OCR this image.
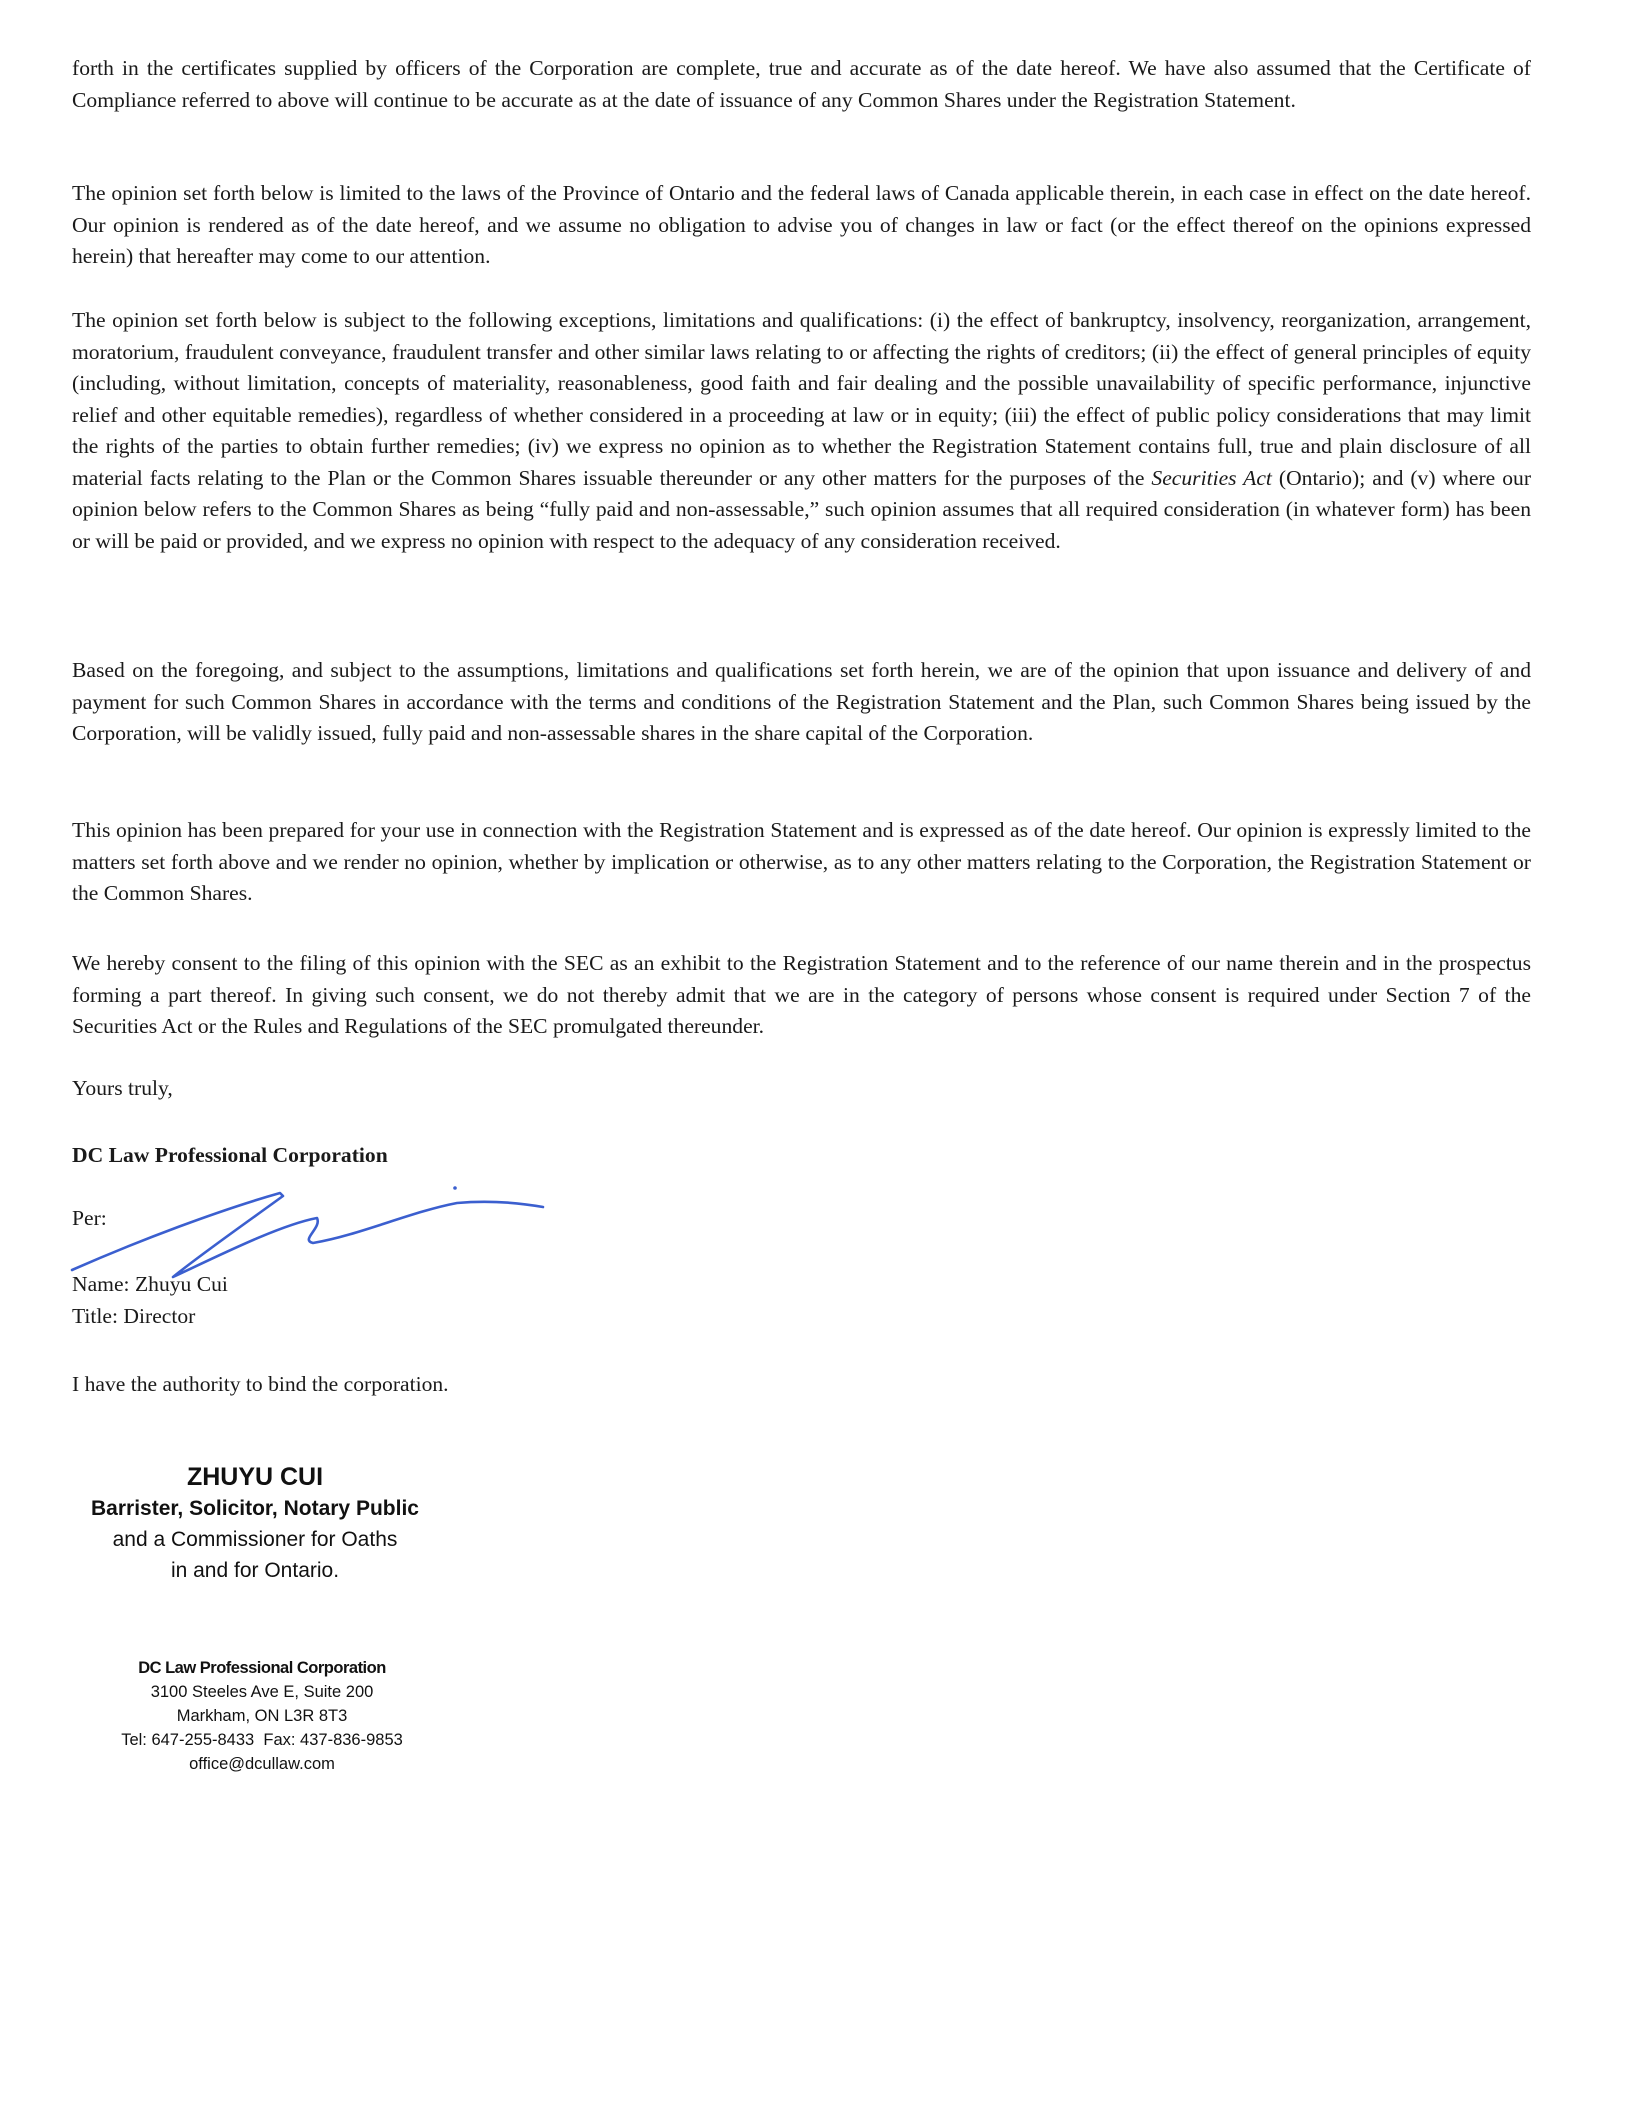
forth in the certificates supplied by officers of the Corporation are complete, true and accurate as of the date hereof. We have also assumed that the Certificate of Compliance referred to above will continue to be accurate as at the date of issuance of any Common Shares under the Registration Statement.

The opinion set forth below is limited to the laws of the Province of Ontario and the federal laws of Canada applicable therein, in each case in effect on the date hereof. Our opinion is rendered as of the date hereof, and we assume no obligation to advise you of changes in law or fact (or the effect thereof on the opinions expressed herein) that hereafter may come to our attention.

The opinion set forth below is subject to the following exceptions, limitations and qualifications: (i) the effect of bankruptcy, insolvency, reorganization, arrangement, moratorium, fraudulent conveyance, fraudulent transfer and other similar laws relating to or affecting the rights of creditors; (ii) the effect of general principles of equity (including, without limitation, concepts of materiality, reasonableness, good faith and fair dealing and the possible unavailability of specific performance, injunctive relief and other equitable remedies), regardless of whether considered in a proceeding at law or in equity; (iii) the effect of public policy considerations that may limit the rights of the parties to obtain further remedies; (iv) we express no opinion as to whether the Registration Statement contains full, true and plain disclosure of all material facts relating to the Plan or the Common Shares issuable thereunder or any other matters for the purposes of the Securities Act (Ontario); and (v) where our opinion below refers to the Common Shares as being “fully paid and non-assessable,” such opinion assumes that all required consideration (in whatever form) has been or will be paid or provided, and we express no opinion with respect to the adequacy of any consideration received.

Based on the foregoing, and subject to the assumptions, limitations and qualifications set forth herein, we are of the opinion that upon issuance and delivery of and payment for such Common Shares in accordance with the terms and conditions of the Registration Statement and the Plan, such Common Shares being issued by the Corporation, will be validly issued, fully paid and non-assessable shares in the share capital of the Corporation.

This opinion has been prepared for your use in connection with the Registration Statement and is expressed as of the date hereof. Our opinion is expressly limited to the matters set forth above and we render no opinion, whether by implication or otherwise, as to any other matters relating to the Corporation, the Registration Statement or the Common Shares.

We hereby consent to the filing of this opinion with the SEC as an exhibit to the Registration Statement and to the reference of our name therein and in the prospectus forming a part thereof. In giving such consent, we do not thereby admit that we are in the category of persons whose consent is required under Section 7 of the Securities Act or the Rules and Regulations of the SEC promulgated thereunder.

Yours truly,

DC Law Professional Corporation

Per:

Name: Zhuyu Cui

Title: Director

I have the authority to bind the corporation.

ZHUYU CUI
Barrister, Solicitor, Notary Public
and a Commissioner for Oaths
in and for Ontario.
DC Law Professional Corporation
3100 Steeles Ave E, Suite 200
Markham, ON L3R 8T3
Tel: 647-255-8433  Fax: 437-836-9853
office@dcullaw.com
